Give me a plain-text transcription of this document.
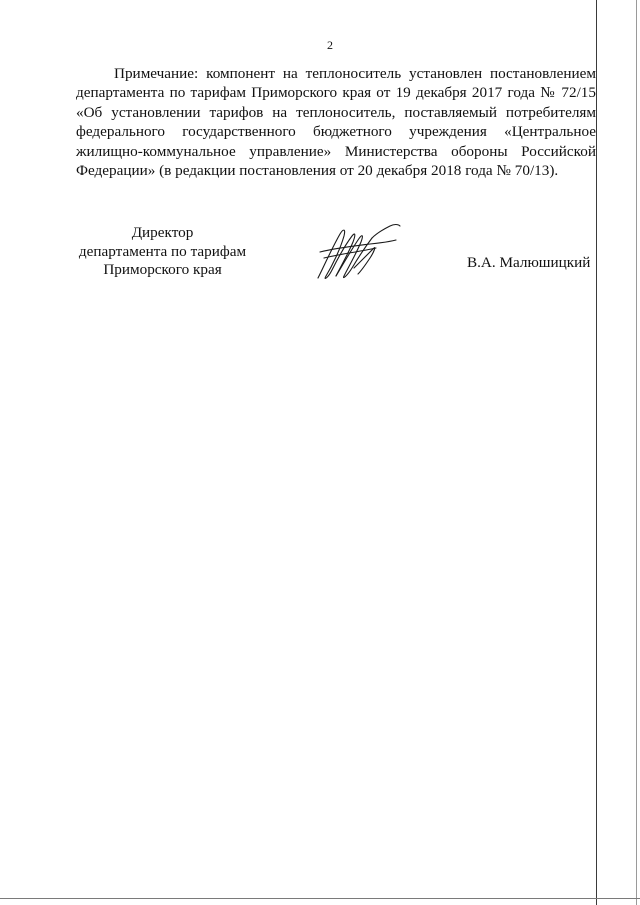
2

Примечание: компонент на теплоноситель установлен постановлением департамента по тарифам Приморского края от 19 декабря 2017 года № 72/15 «Об установлении тарифов на теплоноситель, поставляемый потребителям федерального государственного бюджетного учреждения «Центральное жилищно-коммунальное управление» Министерства обороны Российской Федерации» (в редакции постановления от 20 декабря 2018 года № 70/13).

Директор
департамента по тарифам
Приморского края	В.А. Малюшицкий
